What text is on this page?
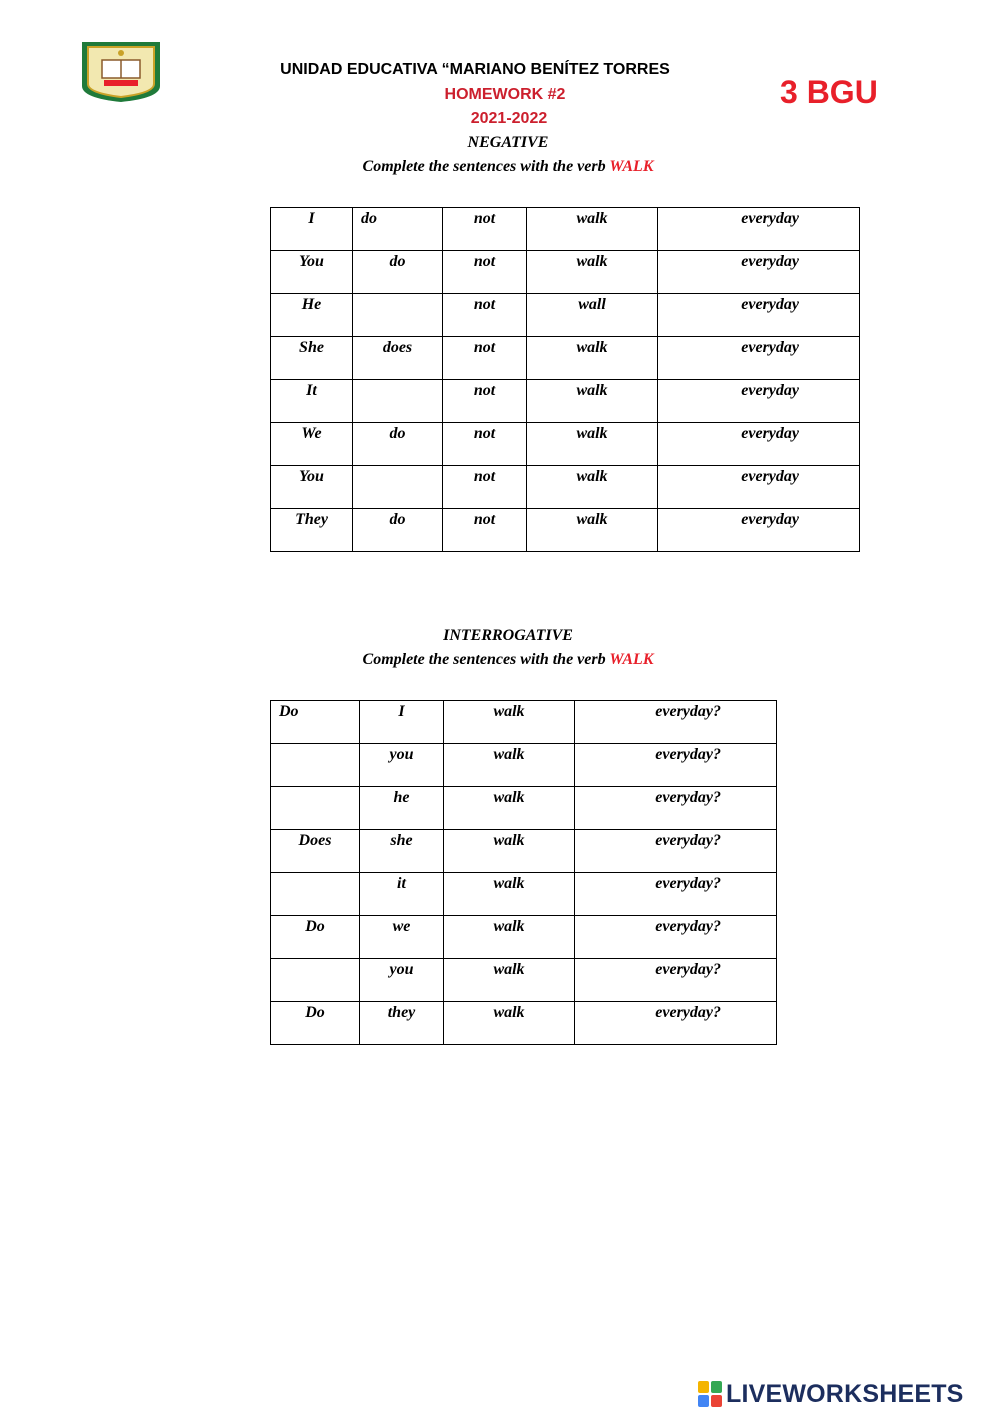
UNIDAD EDUCATIVA “MARIANO BENÍTEZ TORRES
HOMEWORK #2
2021-2022
3 BGU
NEGATIVE
Complete the sentences with the verb WALK
I	do	not	walk	everyday

You	do	not	walk	everyday

He		not	wall	everyday

She	does	not	walk	everyday

It		not	walk	everyday

We	do	not	walk	everyday

You		not	walk	everyday

They	do	not	walk	everyday
INTERROGATIVE
Complete the sentences with the verb WALK
Do	I	walk	everyday?

	you	walk	everyday?

	he	walk	everyday?

Does	she	walk	everyday?

	it	walk	everyday?

Do	we	walk	everyday?

	you	walk	everyday?

Do	they	walk	everyday?
LIVEWORKSHEETS
